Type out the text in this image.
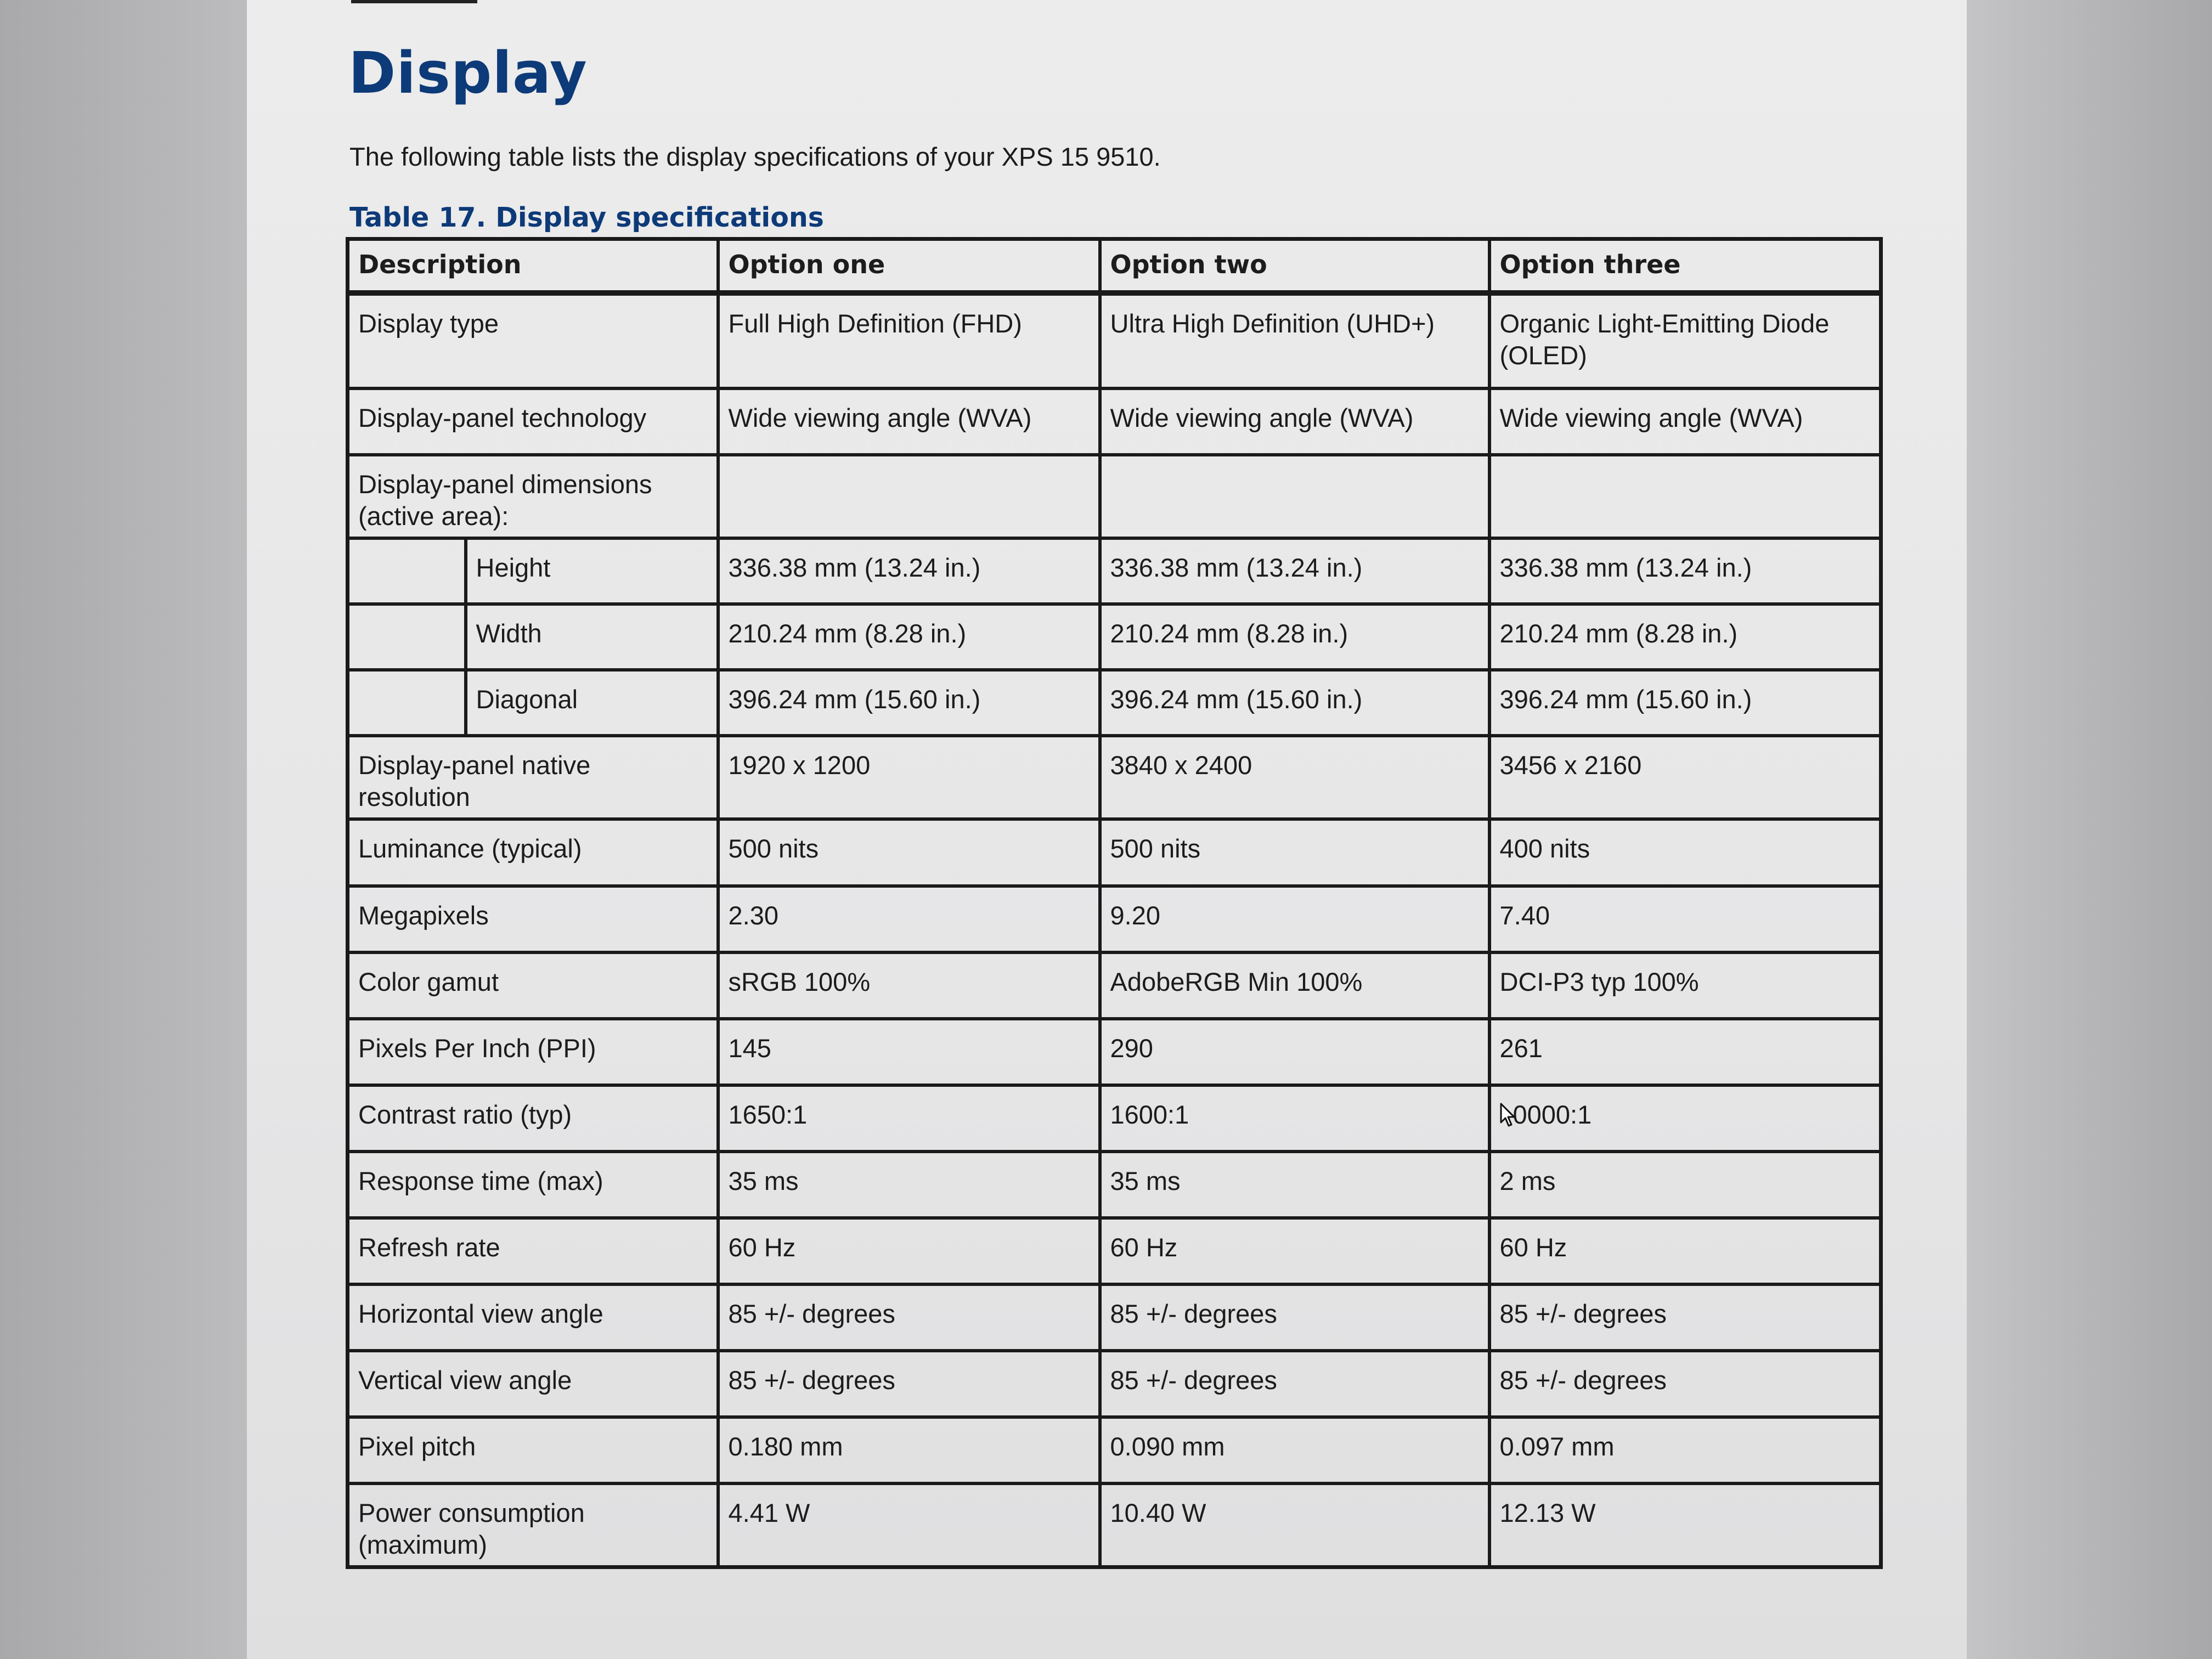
Display

The following table lists the display specifications of your XPS 15 9510.

Table 17. Display specifications

Description		Option one	Option two	Option three
Display type		Full High Definition (FHD)	Ultra High Definition (UHD+)	Organic Light-Emitting Diode (OLED)
Display-panel technology		Wide viewing angle (WVA)	Wide viewing angle (WVA)	Wide viewing angle (WVA)
Display-panel dimensions (active area):				
	Height	336.38 mm (13.24 in.)	336.38 mm (13.24 in.)	336.38 mm (13.24 in.)
	Width	210.24 mm (8.28 in.)	210.24 mm (8.28 in.)	210.24 mm (8.28 in.)
	Diagonal	396.24 mm (15.60 in.)	396.24 mm (15.60 in.)	396.24 mm (15.60 in.)
Display-panel native resolution		1920 x 1200	3840 x 2400	3456 x 2160
Luminance (typical)		500 nits	500 nits	400 nits
Megapixels		2.30	9.20	7.40
Color gamut		sRGB 100%	AdobeRGB Min 100%	DCI-P3 typ 100%
Pixels Per Inch (PPI)		145	290	261
Contrast ratio (typ)		1650:1	1600:1	0000:1
Response time (max)		35 ms	35 ms	2 ms
Refresh rate		60 Hz	60 Hz	60 Hz
Horizontal view angle		85 +/- degrees	85 +/- degrees	85 +/- degrees
Vertical view angle		85 +/- degrees	85 +/- degrees	85 +/- degrees
Pixel pitch		0.180 mm	0.090 mm	0.097 mm
Power consumption (maximum)		4.41 W	10.40 W	12.13 W
